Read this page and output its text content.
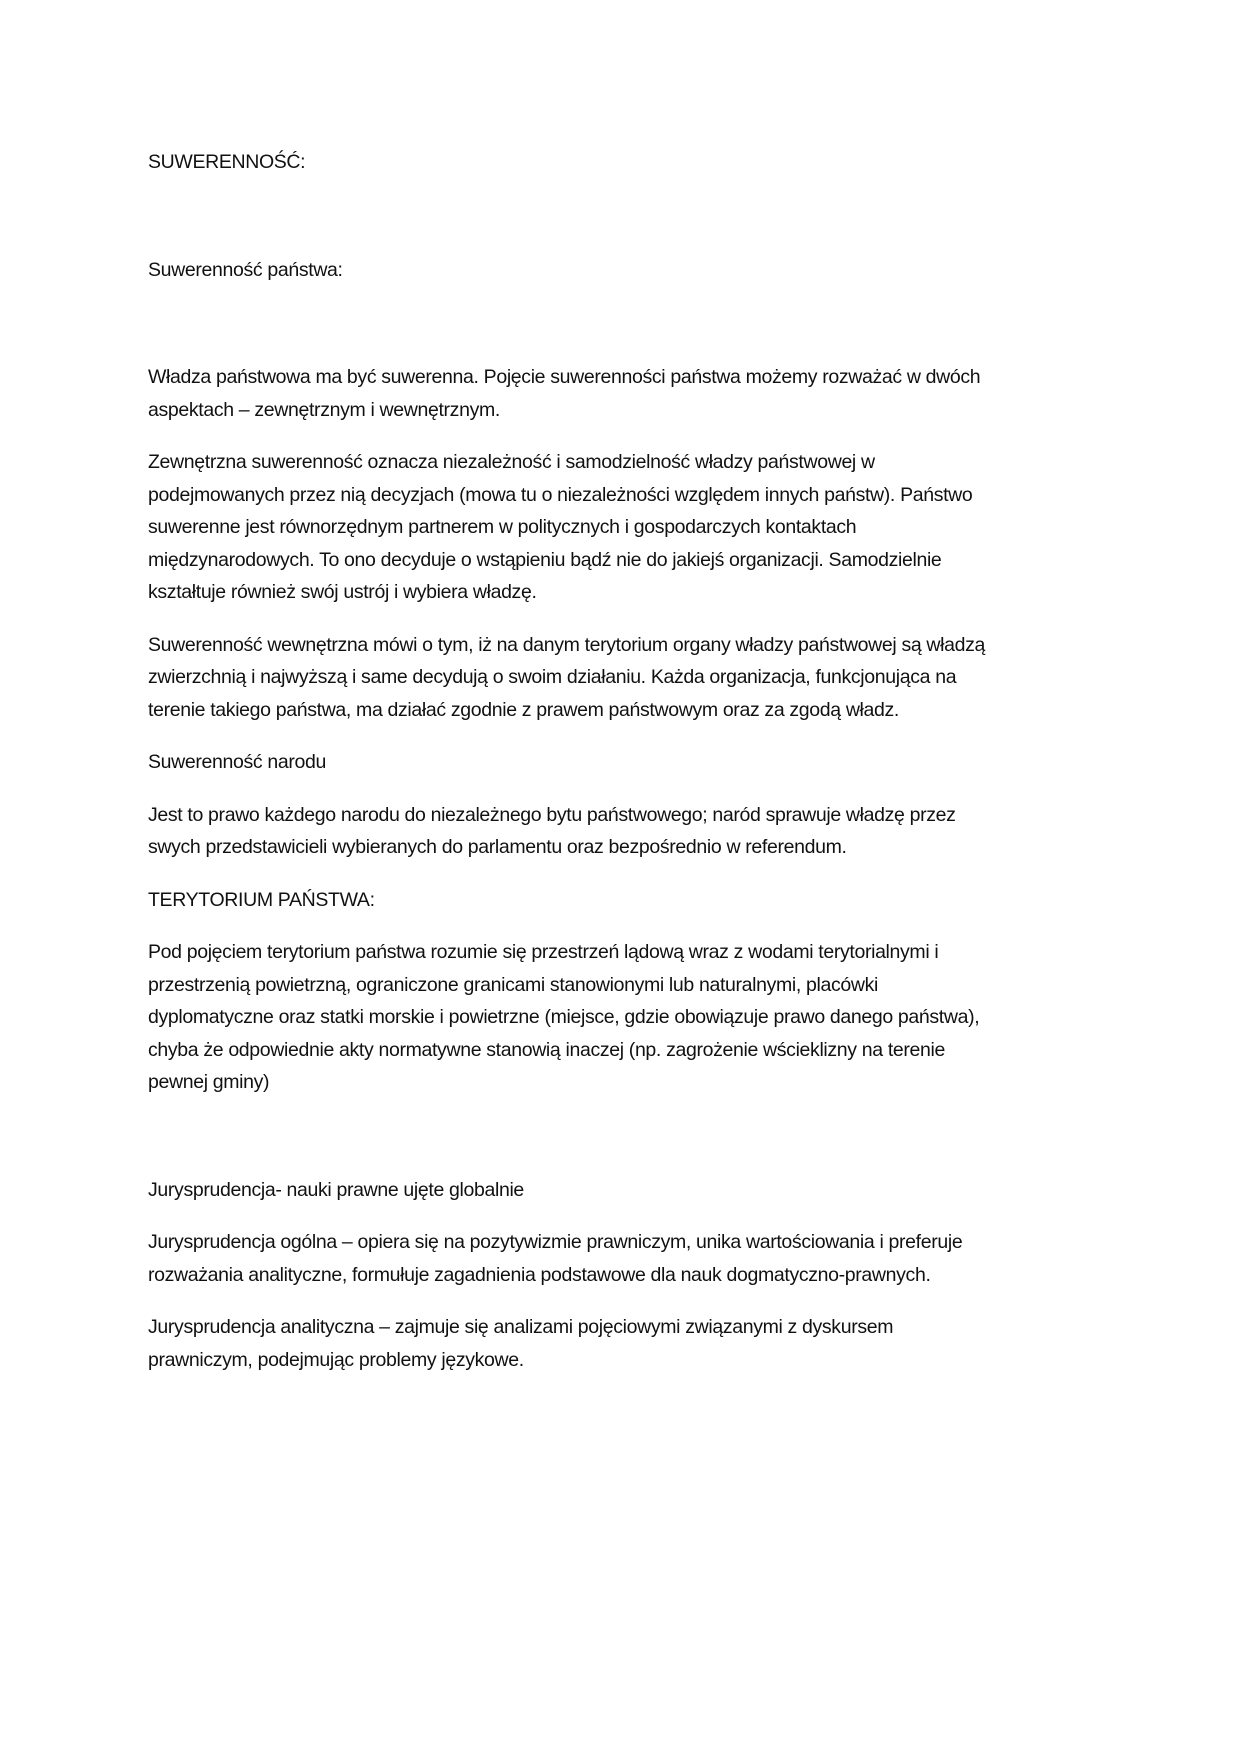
SUWERENNOŚĆ:

Suwerenność państwa:

Władza państwowa ma być suwerenna. Pojęcie suwerenności państwa możemy rozważać w dwóch
aspektach – zewnętrznym i wewnętrznym.

Zewnętrzna suwerenność oznacza niezależność i samodzielność władzy państwowej w
podejmowanych przez nią decyzjach (mowa tu o niezależności względem innych państw). Państwo
suwerenne jest równorzędnym partnerem w politycznych i gospodarczych kontaktach
międzynarodowych. To ono decyduje o wstąpieniu bądź nie do jakiejś organizacji. Samodzielnie
kształtuje również swój ustrój i wybiera władzę.

Suwerenność wewnętrzna mówi o tym, iż na danym terytorium organy władzy państwowej są władzą
zwierzchnią i najwyższą i same decydują o swoim działaniu. Każda organizacja, funkcjonująca na
terenie takiego państwa, ma działać zgodnie z prawem państwowym oraz za zgodą władz.

Suwerenność narodu

Jest to prawo każdego narodu do niezależnego bytu państwowego; naród sprawuje władzę przez
swych przedstawicieli wybieranych do parlamentu oraz bezpośrednio w referendum.

TERYTORIUM PAŃSTWA:

Pod pojęciem terytorium państwa rozumie się przestrzeń lądową wraz z wodami terytorialnymi i
przestrzenią powietrzną, ograniczone granicami stanowionymi lub naturalnymi, placówki
dyplomatyczne oraz statki morskie i powietrzne (miejsce, gdzie obowiązuje prawo danego państwa),
chyba że odpowiednie akty normatywne stanowią inaczej (np. zagrożenie wścieklizny na terenie
pewnej gminy)

Jurysprudencja- nauki prawne ujęte globalnie

Jurysprudencja ogólna – opiera się na pozytywizmie prawniczym, unika wartościowania i preferuje
rozważania analityczne, formułuje zagadnienia podstawowe dla nauk dogmatyczno-prawnych.

Jurysprudencja analityczna – zajmuje się analizami pojęciowymi związanymi z dyskursem
prawniczym, podejmując problemy językowe.
